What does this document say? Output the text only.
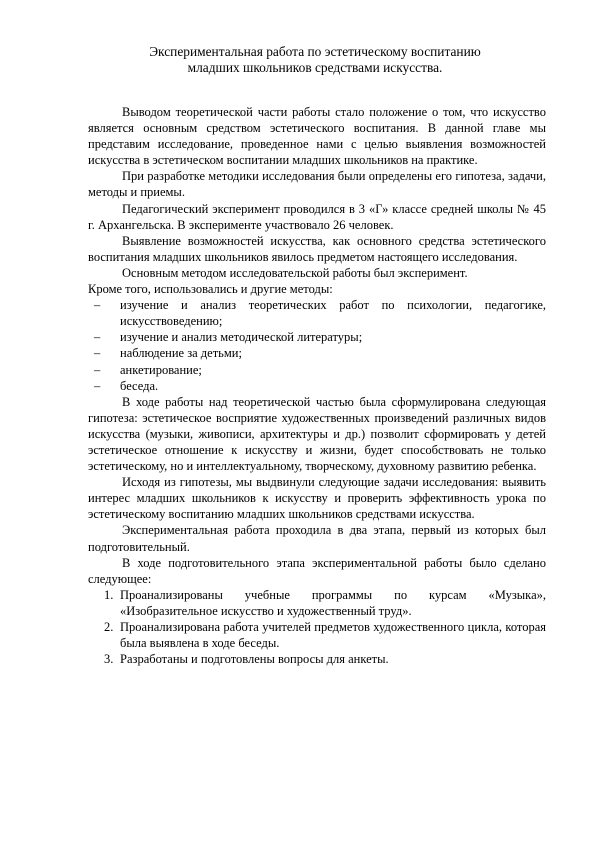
Экспериментальная работа по эстетическому воспитанию
младших школьников средствами искусства.

Выводом теоретической части работы стало положение о том, что искусство является основным средством эстетического воспитания. В данной главе мы представим исследование, проведенное нами с целью выявления возможностей искусства в эстетическом воспитании младших школьников на практике.

При разработке методики исследования были определены его гипотеза, задачи, методы и приемы.

Педагогический эксперимент проводился в 3 «Г» классе средней школы № 45 г. Архангельска. В эксперименте участвовало 26 человек.

Выявление возможностей искусства, как основного средства эстетического воспитания младших школьников явилось предметом настоящего исследования.

Основным методом исследовательской работы был эксперимент.

Кроме того, использовались и другие методы:

– изучение и анализ теоретических работ по психологии, педагогике, искусствоведению;
– изучение и анализ методической литературы;
– наблюдение за детьми;
– анкетирование;
– беседа.

В ходе работы над теоретической частью была сформулирована следующая гипотеза: эстетическое восприятие художественных произведений различных видов искусства (музыки, живописи, архитектуры и др.) позволит сформировать у детей эстетическое отношение к искусству и жизни, будет способствовать не только эстетическому, но и интеллектуальному, творческому, духовному развитию ребенка.

Исходя из гипотезы, мы выдвинули следующие задачи исследования: выявить интерес младших школьников к искусству и проверить эффективность урока по эстетическому воспитанию младших школьников средствами искусства.

Экспериментальная работа проходила в два этапа, первый из которых был подготовительный.

В ходе подготовительного этапа экспериментальной работы было сделано следующее:

1. Проанализированы учебные программы по курсам «Музыка», «Изобразительное искусство и художественный труд».
2. Проанализирована работа учителей предметов художественного цикла, которая была выявлена в ходе беседы.
3. Разработаны и подготовлены вопросы для анкеты.
